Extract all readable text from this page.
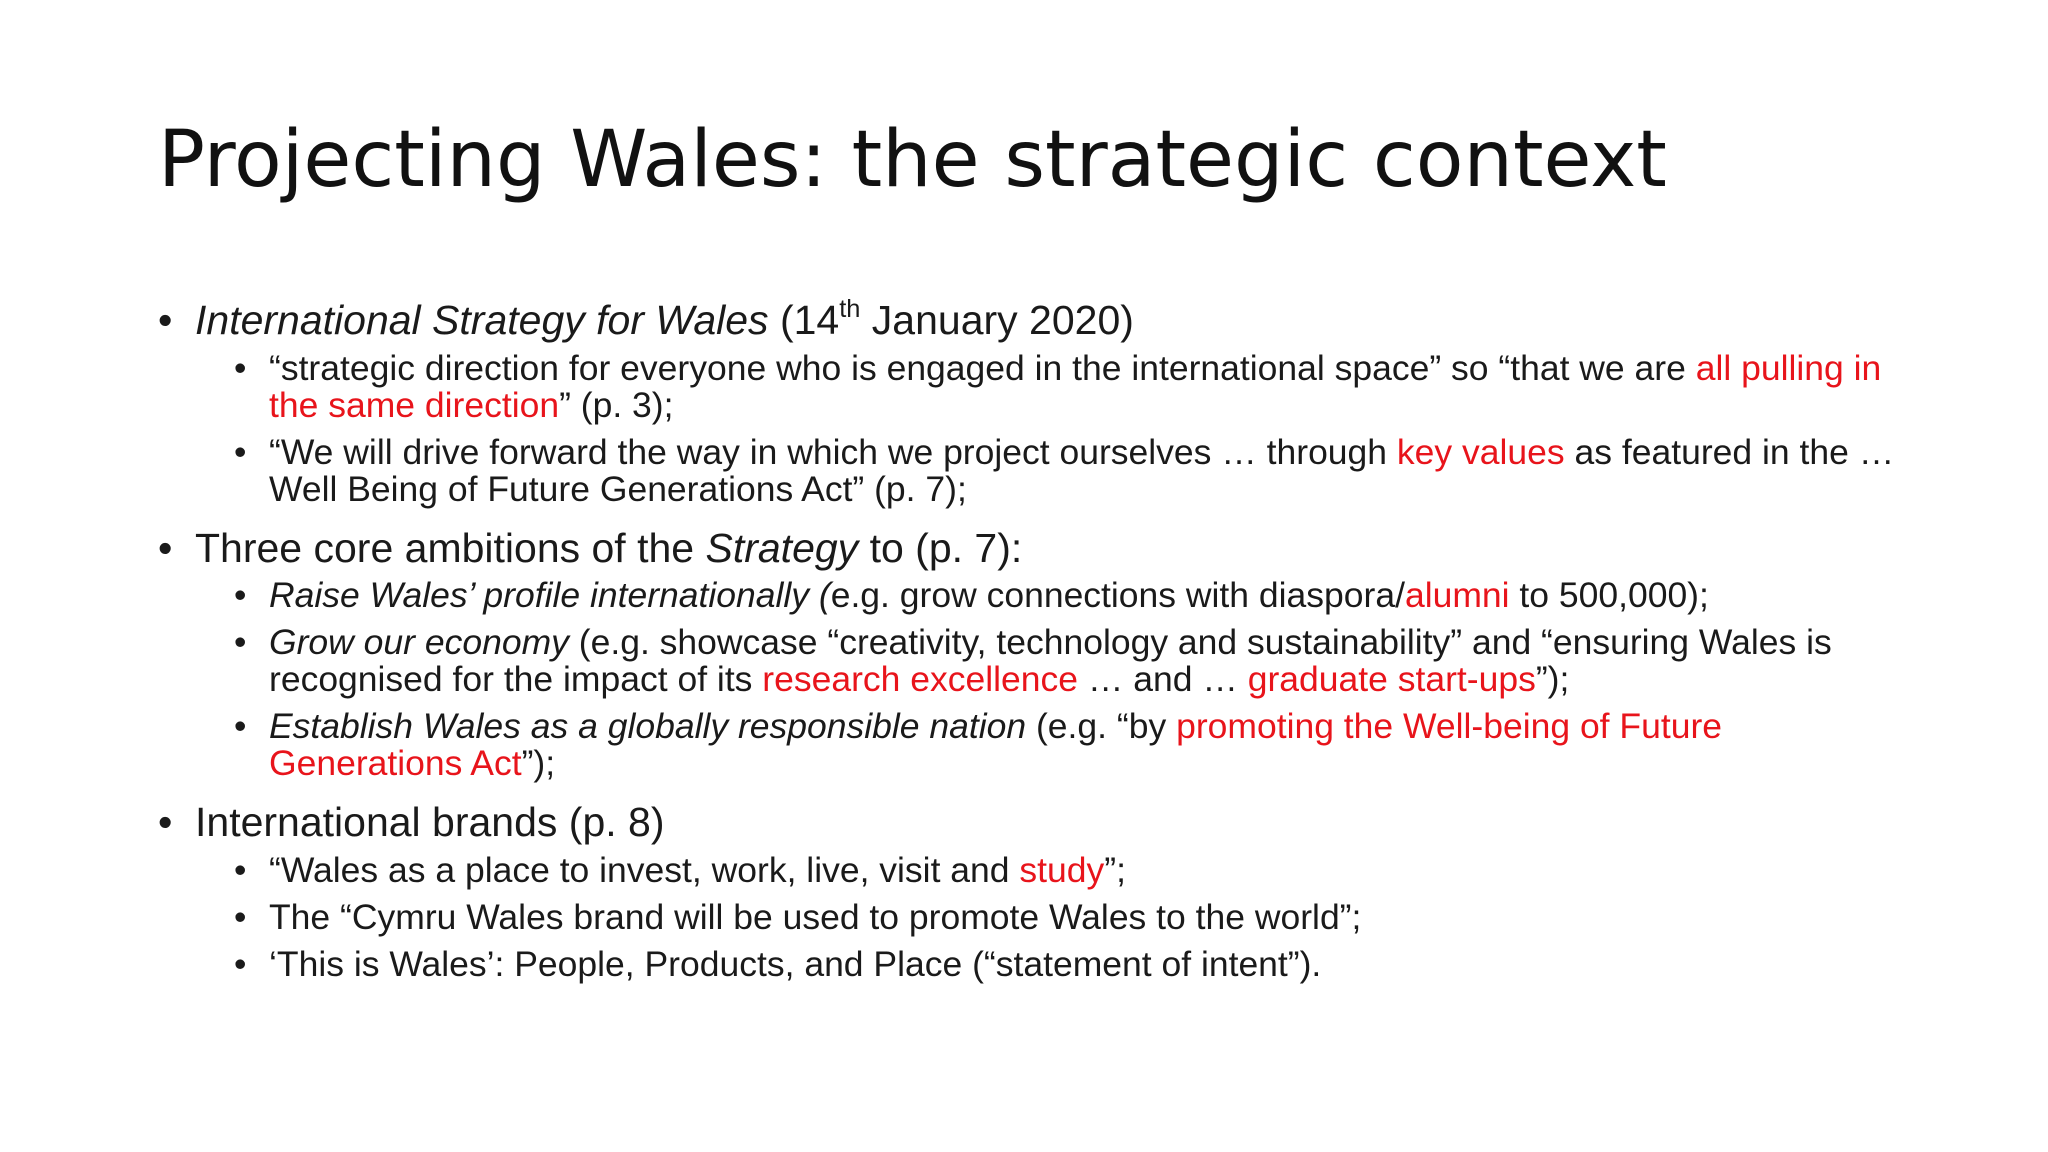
Projecting Wales: the strategic context
• International Strategy for Wales (14th January 2020)
• “strategic direction for everyone who is engaged in the international space” so “that we are all pulling in the same direction” (p. 3);
• “We will drive forward the way in which we project ourselves … through key values as featured in the … Well Being of Future Generations Act” (p. 7);
• Three core ambitions of the Strategy to (p. 7):
• Raise Wales’ profile internationally (e.g. grow connections with diaspora/alumni to 500,000);
• Grow our economy (e.g. showcase “creativity, technology and sustainability” and “ensuring Wales is recognised for the impact of its research excellence … and … graduate start-ups”);
• Establish Wales as a globally responsible nation (e.g. “by promoting the Well-being of Future Generations Act”);
• International brands (p. 8)
• “Wales as a place to invest, work, live, visit and study”;
• The “Cymru Wales brand will be used to promote Wales to the world”;
• ‘This is Wales’: People, Products, and Place (“statement of intent”).
